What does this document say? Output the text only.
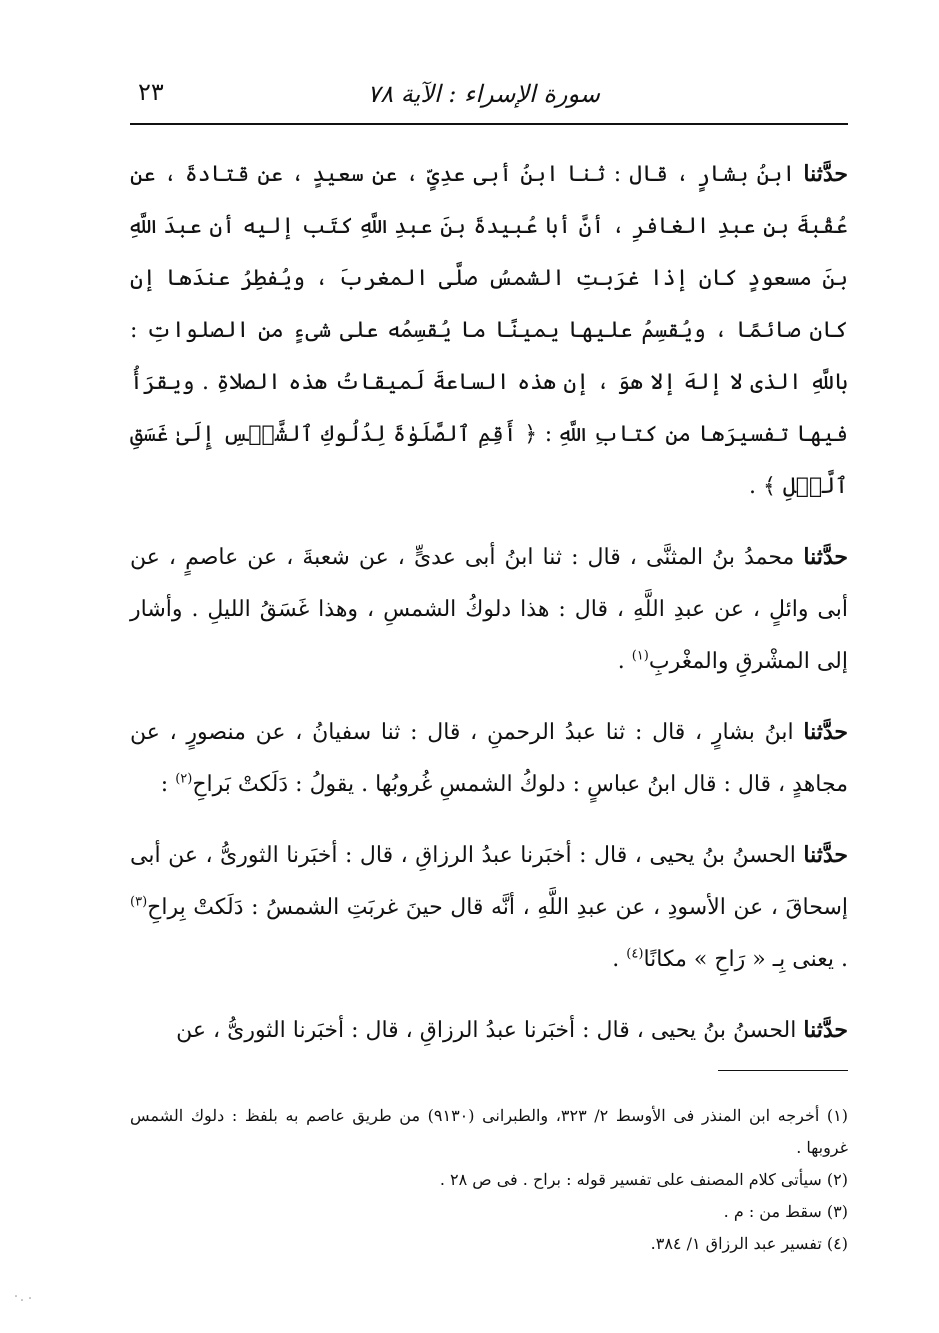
سورة الإسراء : الآية ٧٨
٢٣

حدَّثنا ابنُ بشارٍ ، قال : ثنا ابنُ أبى عدِىٍّ ، عن سعيدٍ ، عن قتادةَ ، عن عُقْبةَ بنِ عبدِ الغافرِ ، أنَّ أبا عُبيدةَ بنَ عبدِ اللَّهِ كتَب إليه أن عبدَ اللَّهِ بنَ مسعودٍ كان إذا غرَبتِ الشمسُ صلَّى المغربَ ، ويُفطِرُ عندَها إن كان صائمًا ، ويُقسِمُ عليها يمينًا ما يُقسِمُه على شىءٍ من الصلواتِ : باللَّهِ الذى لا إلهَ إلا هوَ ، إن هذه الساعةَ لَميقاتُ هذه الصلاةِ . ويقرَأُ فيها تفسيرَها من كتابِ اللَّهِ : ﴿ أَقِمِ ٱلصَّلَوٰةَ لِدُلُوكِ ٱلشَّمۡسِ إِلَىٰ غَسَقِ ٱلَّيۡلِ ﴾ .

حدَّثنا محمدُ بنُ المثنَّى ، قال : ثنا ابنُ أبى عدىٍّ ، عن شعبةَ ، عن عاصمٍ ، عن أبى وائلٍ ، عن عبدِ اللَّهِ ، قال : هذا دلوكُ الشمسِ ، وهذا غَسَقُ الليلِ . وأشار إلى المشْرقِ والمغْربِ$^{(١)}$ .

حدَّثنا ابنُ بشارٍ ، قال : ثنا عبدُ الرحمنِ ، قال : ثنا سفيانُ ، عن منصورٍ ، عن مجاهدٍ ، قال : قال ابنُ عباسٍ : دلوكُ الشمسِ غُروبُها . يقولُ : دَلَكتْ بَراحِ$^{(٢)}$ :

حدَّثنا الحسنُ بنُ يحيى ، قال : أخبَرنا عبدُ الرزاقِ ، قال : أخبَرنا الثورىُّ ، عن أبى إسحاقَ ، عن الأسودِ ، عن عبدِ اللَّهِ ، أنَّه قال حينَ غربَتِ الشمسُ : دَلَكتْ بِراحِ$^{(٣)}$ . يعنى بِـ « رَاحِ » مكانًا$^{(٤)}$ .

حدَّثنا الحسنُ بنُ يحيى ، قال : أخبَرنا عبدُ الرزاقِ ، قال : أخبَرنا الثورىُّ ، عن

(١) أخرجه ابن المنذر فى الأوسط ٢/ ٣٢٣، والطبرانى (٩١٣٠) من طريق عاصم به بلفظ : دلوك الشمس غروبها .

(٢) سيأتى كلام المصنف على تفسير قوله : براح . فى ص ٢٨ .

(٣) سقط من : م .

(٤) تفسير عبد الرزاق ١/ ٣٨٤.
